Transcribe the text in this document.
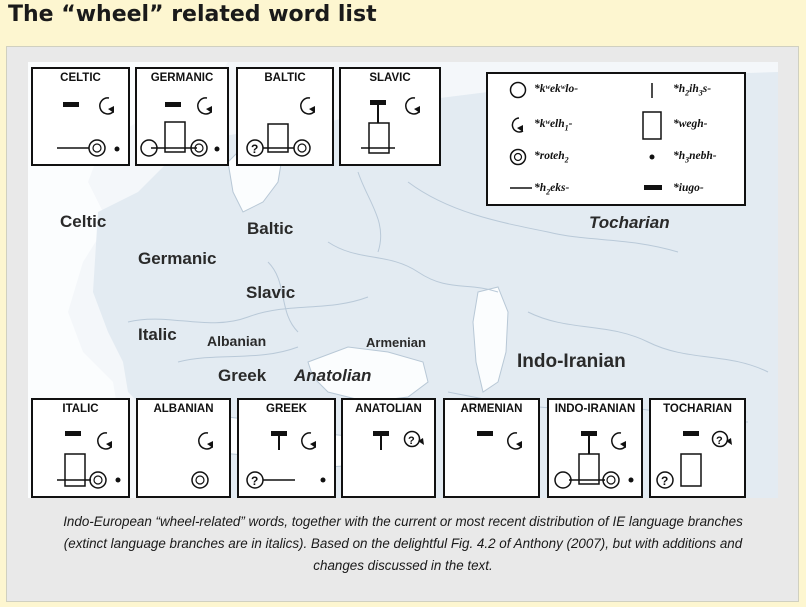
The “wheel” related word list
Celtic
Germanic
Baltic
Slavic
Italic Albanian
Greek Anatolian
Armenian
Indo-Iranian
Tocharian
CELTIC	GERMANIC	BALTIC
?
SLAVIC
*kʷekʷlo-
*kʷelh$_1$-
*roteh$_2$
$*h_2eks-$
$*h_2ih_3s-$
*wegh-
$*h_3nebh-$
*iugo-
ITALIC	ALBANIAN	GREEK
?
ANATOLIAN
?
ARMENIAN	INDO-IRANIAN	TOCHARIAN
?
?
Indo-European “wheel-related” words, together with the current or most recent distribution of IE language branches
(extinct language branches are in italics). Based on the delightful Fig. 4.2 of Anthony (2007), but with additions and
changes discussed in the text.
